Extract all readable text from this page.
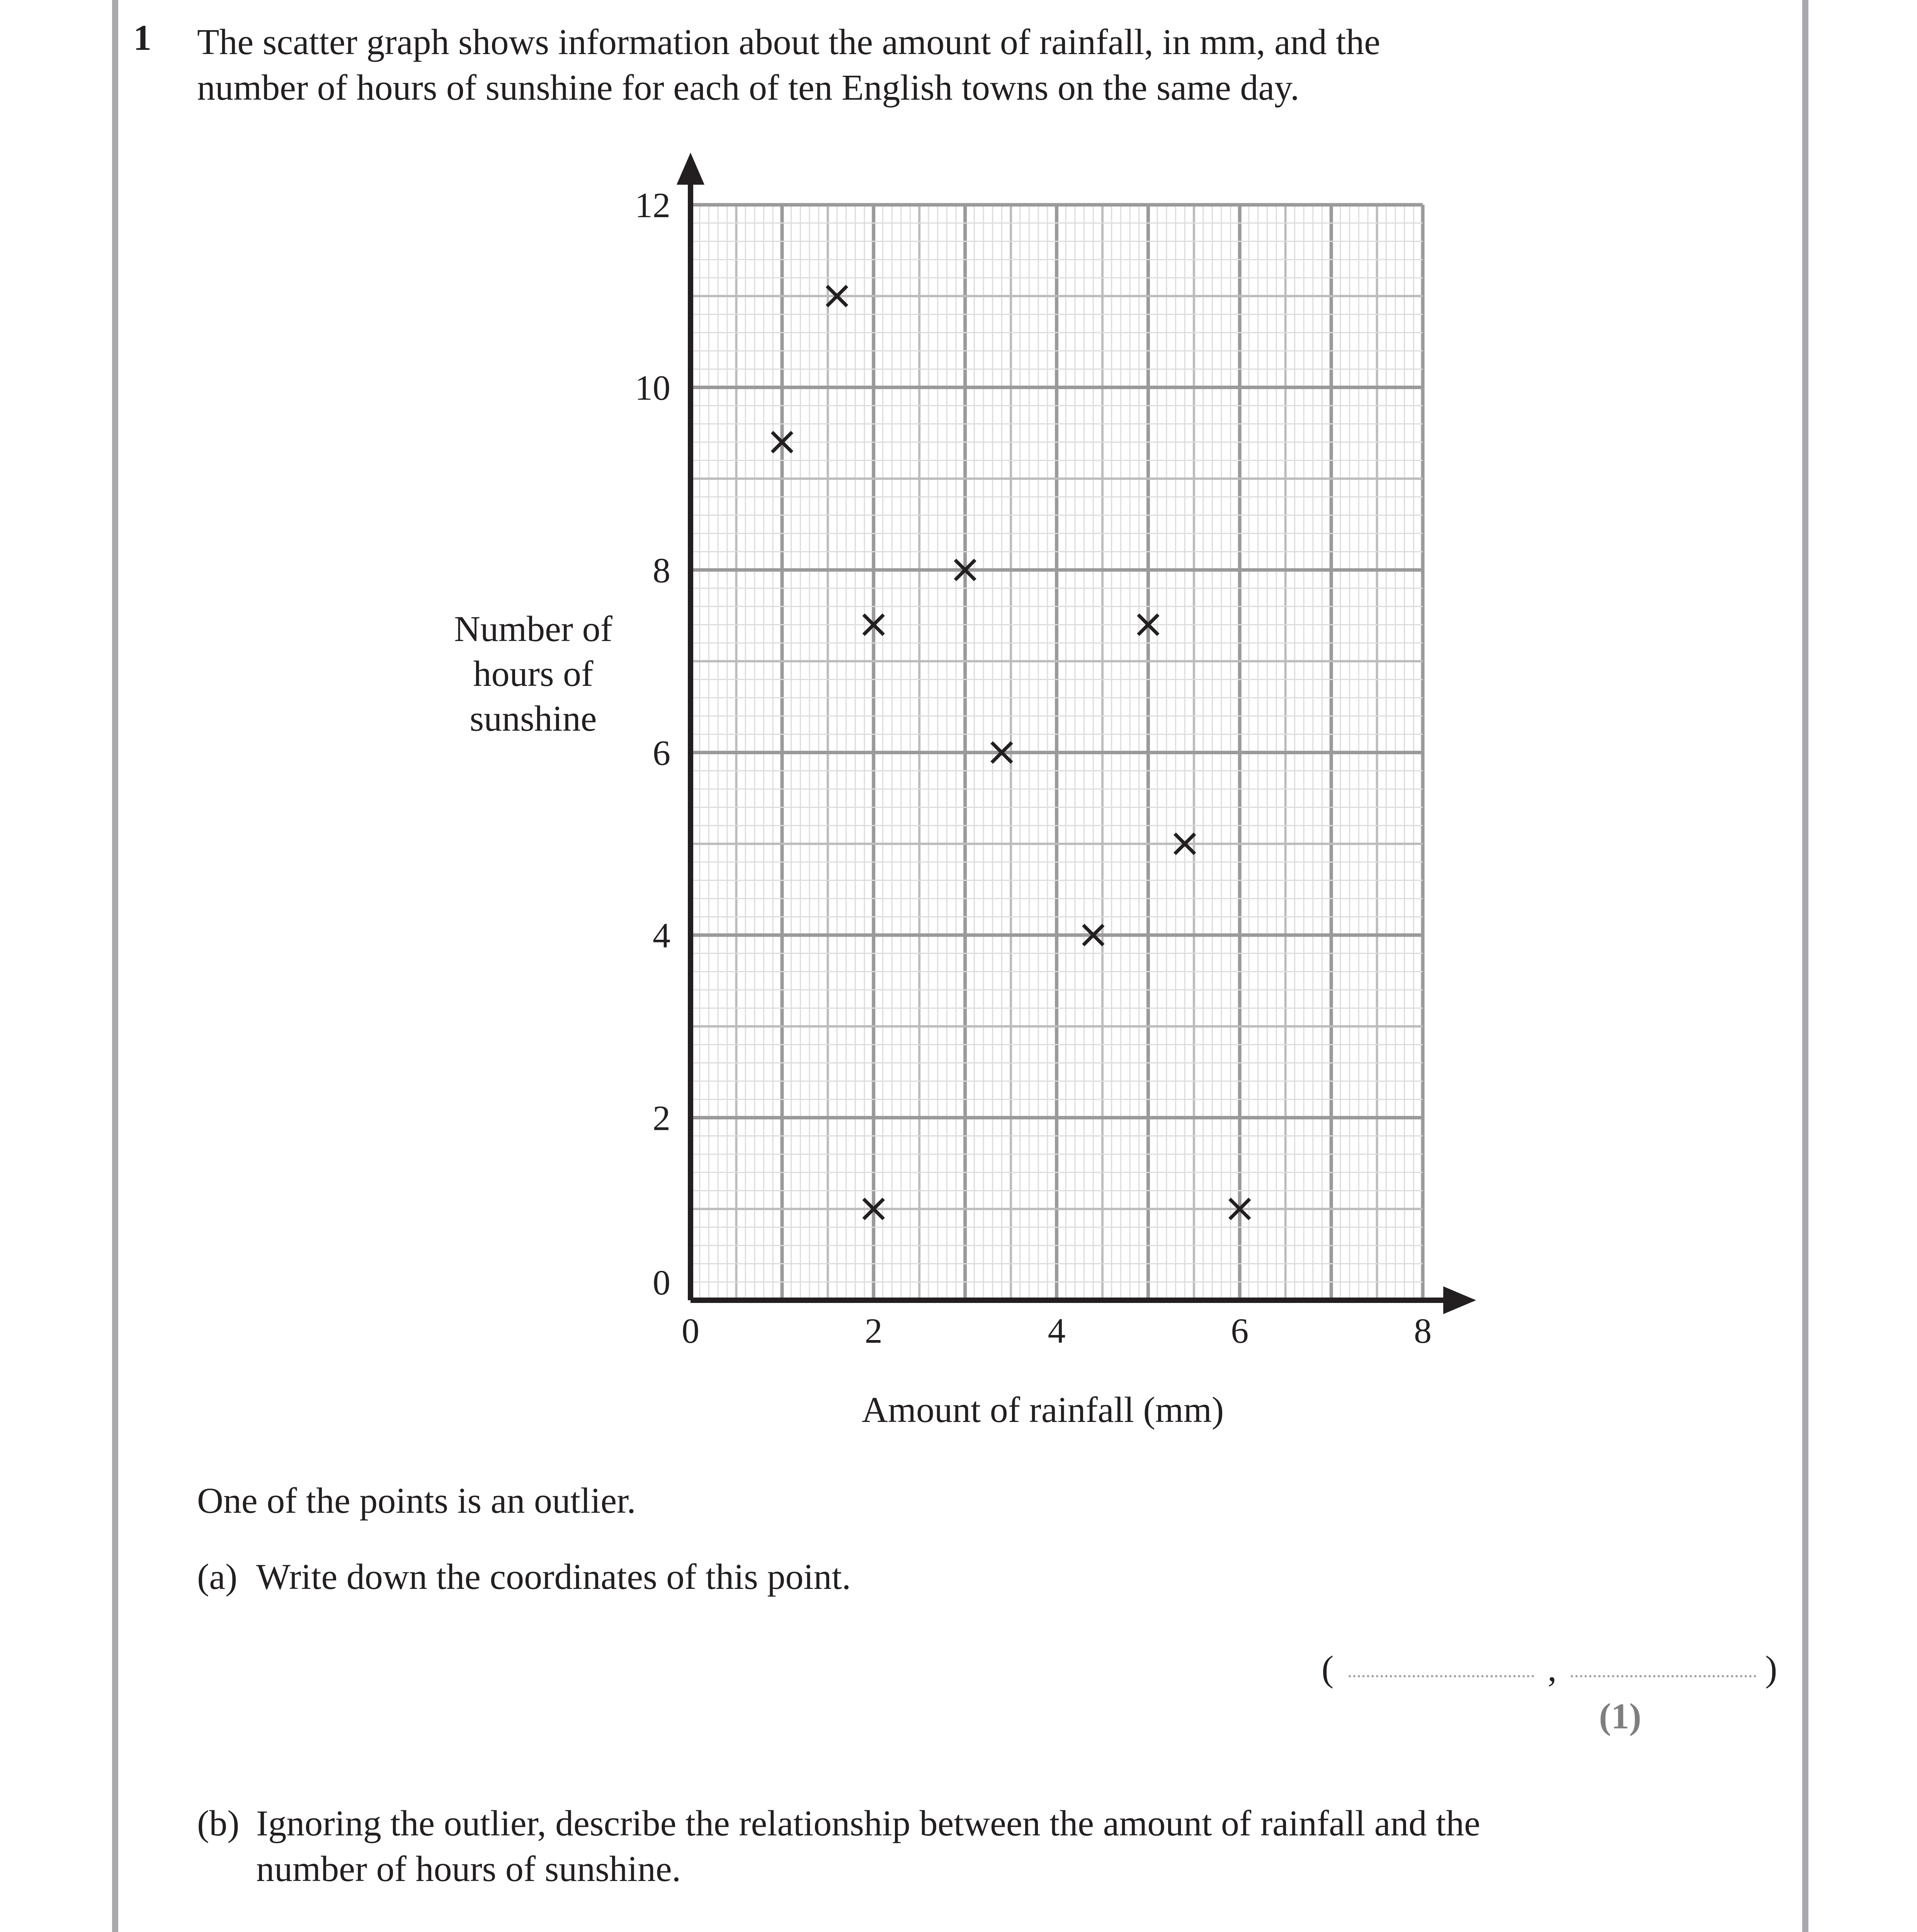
1 The scatter graph shows information about the amount of rainfall, in mm, and the

number of hours of sunshine for each of ten English towns on the same day.

0	2	4	6	8
0
2
4
6
8
10
12
Number of hours of sunshine

Amount of rainfall (mm)

One of the points is an outlier.

(a) Write down the coordinates of this point.

(	,	)

(1)

(b) Ignoring the outlier, describe the relationship between the amount of rainfall and the

number of hours of sunshine.
